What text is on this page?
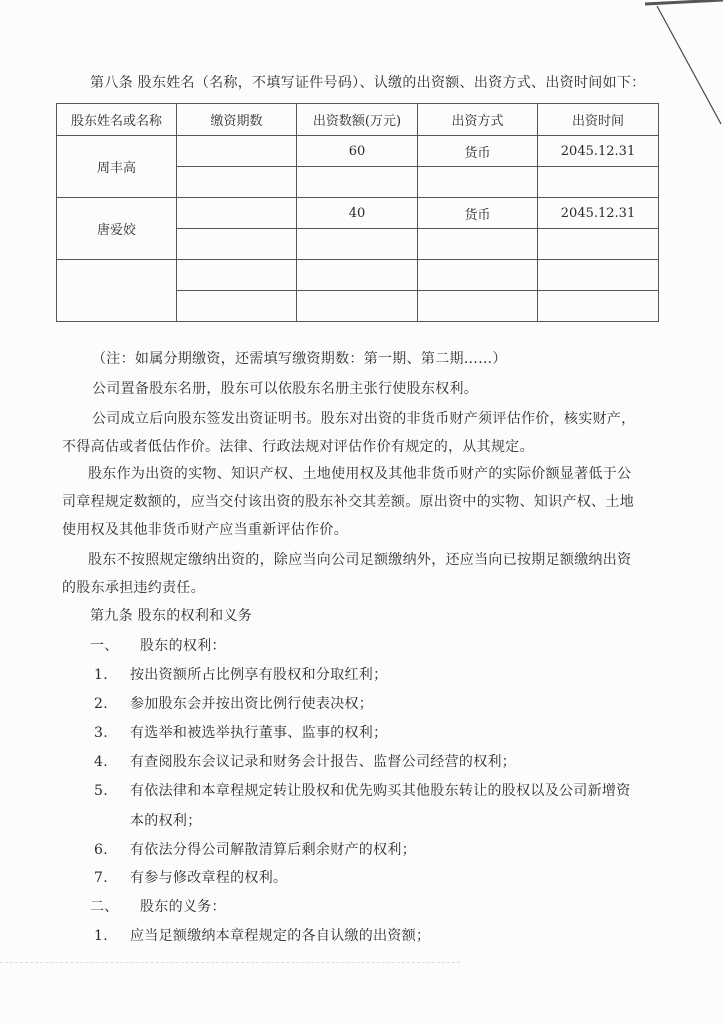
第八条 股东姓名（名称，不填写证件号码）、认缴的出资额、出资方式、出资时间如下：
股东姓名或名称	缴资期数	出资数额(万元)	出资方式	出资时间
周丰高		60	货币	2045.12.31

唐爱姣		40	货币	2045.12.31

（注：如属分期缴资，还需填写缴资期数：第一期、第二期……）
公司置备股东名册，股东可以依股东名册主张行使股东权利。
公司成立后向股东签发出资证明书。股东对出资的非货币财产须评估作价，核实财产，
不得高估或者低估作价。法律、行政法规对评估作价有规定的，从其规定。
股东作为出资的实物、知识产权、土地使用权及其他非货币财产的实际价额显著低于公
司章程规定数额的，应当交付该出资的股东补交其差额。原出资中的实物、知识产权、土地
使用权及其他非货币财产应当重新评估作价。
股东不按照规定缴纳出资的，除应当向公司足额缴纳外，还应当向已按期足额缴纳出资
的股东承担违约责任。
第九条 股东的权利和义务
一、 股东的权利：
1. 按出资额所占比例享有股权和分取红利；
2. 参加股东会并按出资比例行使表决权；
3. 有选举和被选举执行董事、监事的权利；
4. 有查阅股东会议记录和财务会计报告、监督公司经营的权利；
5. 有依法律和本章程规定转让股权和优先购买其他股东转让的股权以及公司新增资
本的权利；
6. 有依法分得公司解散清算后剩余财产的权利；
7. 有参与修改章程的权利。
二、 股东的义务：
1. 应当足额缴纳本章程规定的各自认缴的出资额；
